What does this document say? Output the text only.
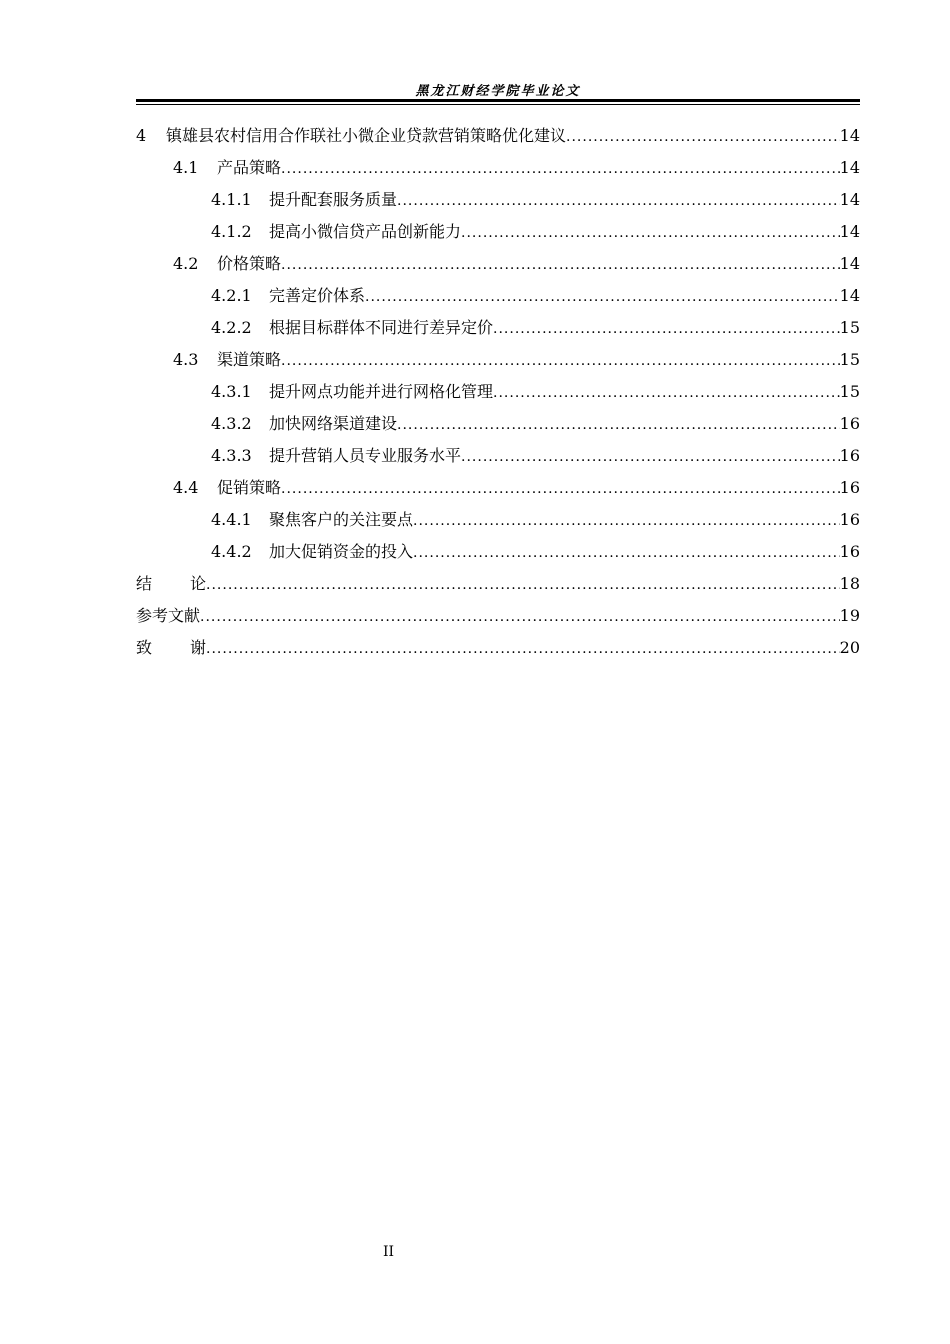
黑龙江财经学院毕业论文
4	镇雄县农村信用合作联社小微企业贷款营销策略优化建议 .....	14
4.1	产品策略 .....	14
4.1.1	提升配套服务质量 .....	14
4.1.2	提高小微信贷产品创新能力 .....	14
4.2	价格策略 .....	14
4.2.1	完善定价体系 .....	14
4.2.2	根据目标群体不同进行差异定价 .....	15
4.3	渠道策略 .....	15
4.3.1	提升网点功能并进行网格化管理 .....	15
4.3.2	加快网络渠道建设 .....	16
4.3.3	提升营销人员专业服务水平 .....	16
4.4	促销策略 .....	16
4.4.1	聚焦客户的关注要点 .....	16
4.4.2	加大促销资金的投入 .....	16
结 论 .....	18
参考文献 .....	19
致 谢 .....	20
II
